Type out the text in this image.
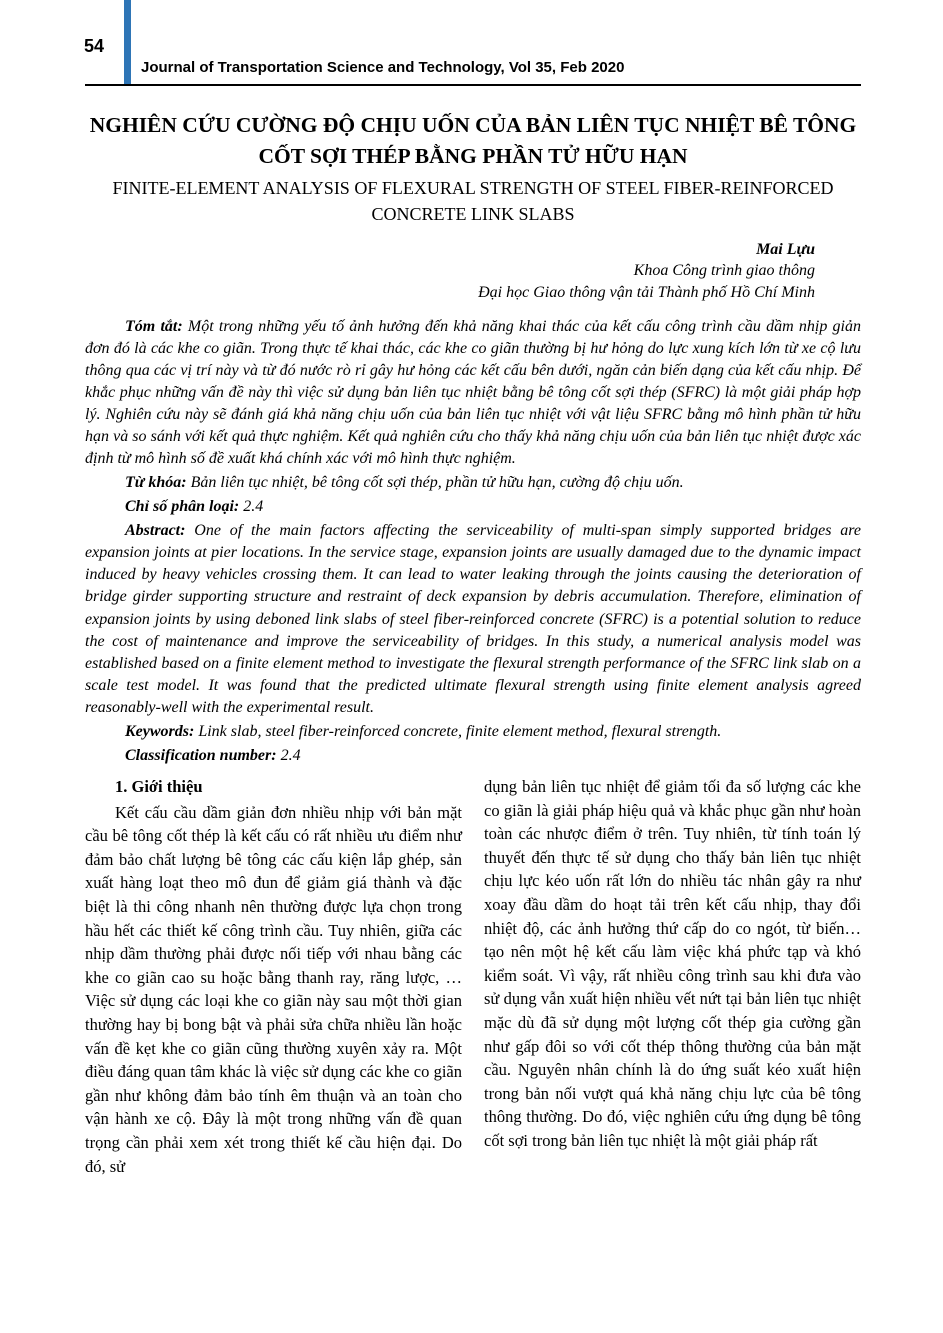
54
Journal of Transportation Science and Technology, Vol 35, Feb 2020
NGHIÊN CỨU CƯỜNG ĐỘ CHỊU UỐN CỦA BẢN LIÊN TỤC NHIỆT BÊ TÔNG CỐT SỢI THÉP BẰNG PHẦN TỬ HỮU HẠN
FINITE-ELEMENT ANALYSIS OF FLEXURAL STRENGTH OF STEEL FIBER-REINFORCED CONCRETE LINK SLABS
Mai Lựu
Khoa Công trình giao thông
Đại học Giao thông vận tải Thành phố Hồ Chí Minh

Tóm tắt: Một trong những yếu tố ảnh hưởng đến khả năng khai thác của kết cấu công trình cầu dầm nhịp giản đơn đó là các khe co giãn. Trong thực tế khai thác, các khe co giãn thường bị hư hỏng do lực xung kích lớn từ xe cộ lưu thông qua các vị trí này và từ đó nước rò rỉ gây hư hỏng các kết cấu bên dưới, ngăn cản biến dạng của kết cấu nhịp. Để khắc phục những vấn đề này thì việc sử dụng bản liên tục nhiệt bằng bê tông cốt sợi thép (SFRC) là một giải pháp hợp lý. Nghiên cứu này sẽ đánh giá khả năng chịu uốn của bản liên tục nhiệt với vật liệu SFRC bằng mô hình phần tử hữu hạn và so sánh với kết quả thực nghiệm. Kết quả nghiên cứu cho thấy khả năng chịu uốn của bản liên tục nhiệt được xác định từ mô hình số đề xuất khá chính xác với mô hình thực nghiệm.

Từ khóa: Bản liên tục nhiệt, bê tông cốt sợi thép, phần tử hữu hạn, cường độ chịu uốn.

Chỉ số phân loại: 2.4

Abstract: One of the main factors affecting the serviceability of multi-span simply supported bridges are expansion joints at pier locations. In the service stage, expansion joints are usually damaged due to the dynamic impact induced by heavy vehicles crossing them. It can lead to water leaking through the joints causing the deterioration of bridge girder supporting structure and restraint of deck expansion by debris accumulation. Therefore, elimination of expansion joints by using deboned link slabs of steel fiber-reinforced concrete (SFRC) is a potential solution to reduce the cost of maintenance and improve the serviceability of bridges. In this study, a numerical analysis model was established based on a finite element method to investigate the flexural strength performance of the SFRC link slab on a scale test model. It was found that the predicted ultimate flexural strength using finite element analysis agreed reasonably-well with the experimental result.

Keywords: Link slab, steel fiber-reinforced concrete, finite element method, flexural strength.

Classification number: 2.4

1. Giới thiệu

Kết cấu cầu dầm giản đơn nhiều nhịp với bản mặt cầu bê tông cốt thép là kết cấu có rất nhiều ưu điểm như đảm bảo chất lượng bê tông các cấu kiện lắp ghép, sản xuất hàng loạt theo mô đun để giảm giá thành và đặc biệt là thi công nhanh nên thường được lựa chọn trong hầu hết các thiết kế công trình cầu. Tuy nhiên, giữa các nhịp dầm thường phải được nối tiếp với nhau bằng các khe co giãn cao su hoặc bằng thanh ray, răng lược, … Việc sử dụng các loại khe co giãn này sau một thời gian thường hay bị bong bật và phải sửa chữa nhiều lần hoặc vấn đề kẹt khe co giãn cũng thường xuyên xảy ra. Một điều đáng quan tâm khác là việc sử dụng các khe co giãn gần như không đảm bảo tính êm thuận và an toàn cho vận hành xe cộ. Đây là một trong những vấn đề quan trọng cần phải xem xét trong thiết kế cầu hiện đại. Do đó, sử

dụng bản liên tục nhiệt để giảm tối đa số lượng các khe co giãn là giải pháp hiệu quả và khắc phục gần như hoàn toàn các nhược điểm ở trên. Tuy nhiên, từ tính toán lý thuyết đến thực tế sử dụng cho thấy bản liên tục nhiệt chịu lực kéo uốn rất lớn do nhiều tác nhân gây ra như xoay đầu dầm do hoạt tải trên kết cấu nhịp, thay đổi nhiệt độ, các ảnh hưởng thứ cấp do co ngót, từ biến… tạo nên một hệ kết cấu làm việc khá phức tạp và khó kiểm soát. Vì vậy, rất nhiều công trình sau khi đưa vào sử dụng vẫn xuất hiện nhiều vết nứt tại bản liên tục nhiệt mặc dù đã sử dụng một lượng cốt thép gia cường gần như gấp đôi so với cốt thép thông thường của bản mặt cầu. Nguyên nhân chính là do ứng suất kéo xuất hiện trong bản nối vượt quá khả năng chịu lực của bê tông thông thường. Do đó, việc nghiên cứu ứng dụng bê tông cốt sợi trong bản liên tục nhiệt là một giải pháp rất
